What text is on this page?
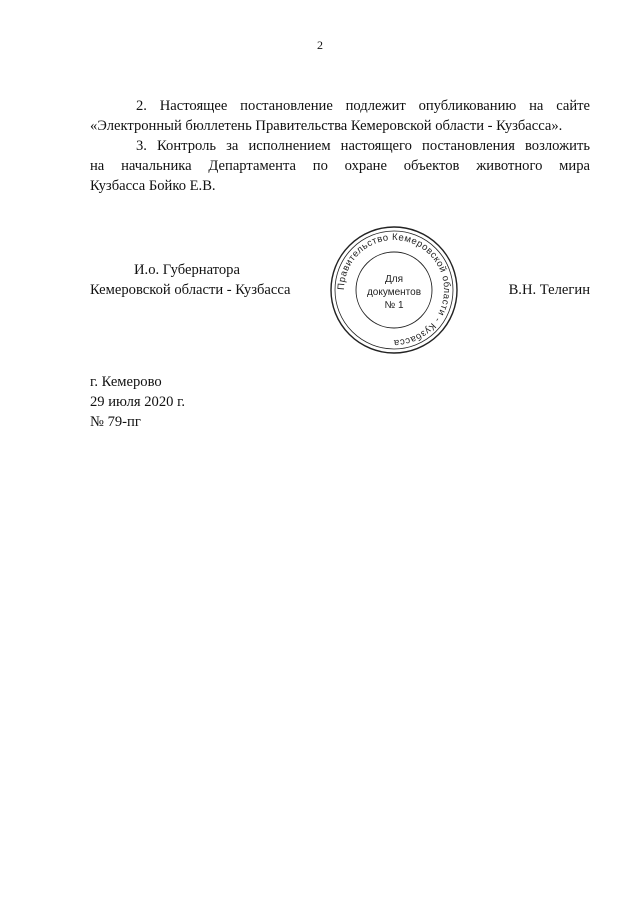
2

2. Настоящее постановление подлежит опубликованию на сайте

«Электронный бюллетень Правительства Кемеровской области - Кузбасса».

3. Контроль за исполнением настоящего постановления возложить

на начальника Департамента по охране объектов животного мира

Кузбасса Бойко Е.В.

И.о. Губернатора
Кемеровской области - Кузбасса	В.Н. Телегин
Правительство Кемеровской области - Кузбасса
Для
документов
№ 1
г. Кемерово
29 июля 2020 г.
№ 79-пг
